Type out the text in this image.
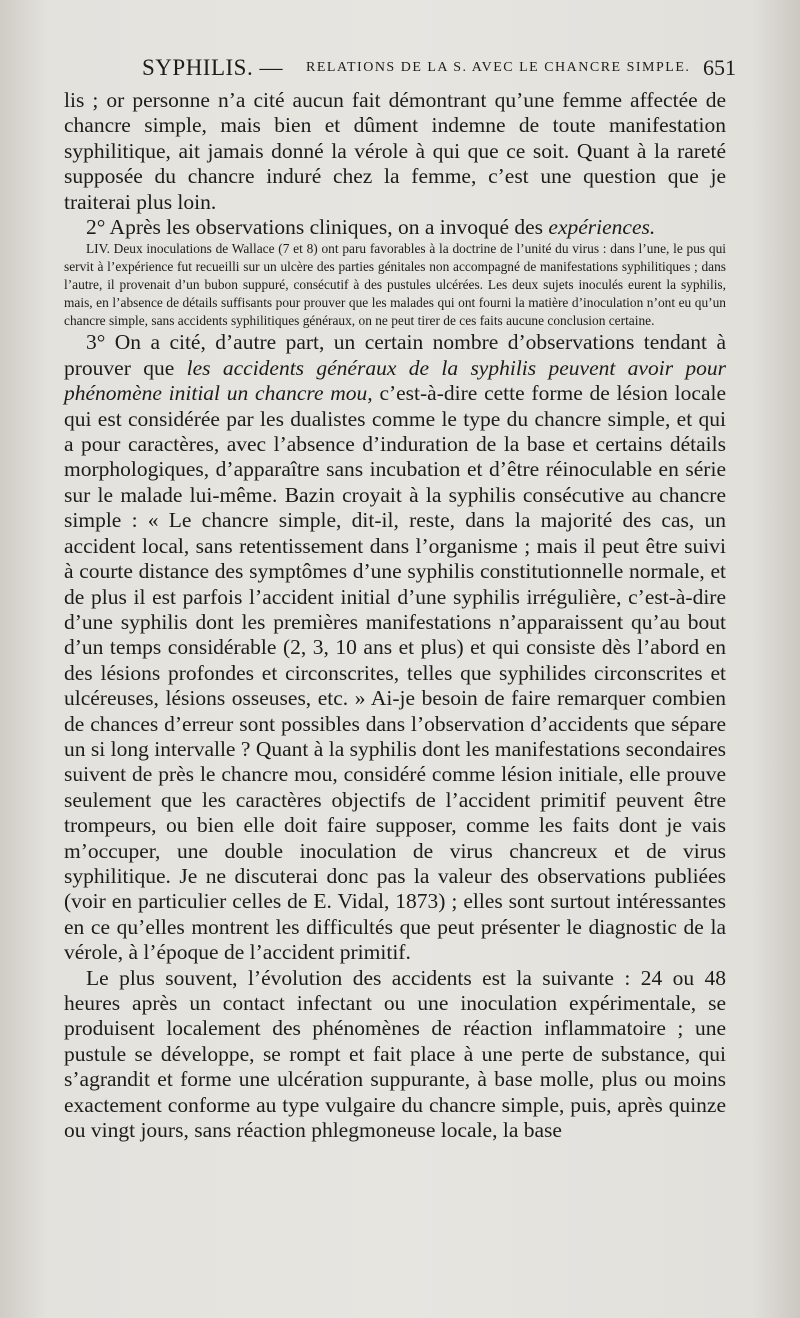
SYPHILIS. — RELATIONS DE LA S. AVEC LE CHANCRE SIMPLE. 651

lis ; or personne n’a cité aucun fait démontrant qu’une femme affectée de chancre simple, mais bien et dûment indemne de toute manifestation syphilitique, ait jamais donné la vérole à qui que ce soit. Quant à la rareté supposée du chancre induré chez la femme, c’est une question que je traiterai plus loin.

2° Après les observations cliniques, on a invoqué des expériences.

LIV. Deux inoculations de Wallace (7 et 8) ont paru favorables à la doctrine de l’unité du virus : dans l’une, le pus qui servit à l’expérience fut recueilli sur un ulcère des parties génitales non accompagné de manifestations syphilitiques ; dans l’autre, il provenait d’un bubon suppuré, consécutif à des pustules ulcérées. Les deux sujets inoculés eurent la syphilis, mais, en l’absence de détails suffisants pour prouver que les malades qui ont fourni la matière d’inoculation n’ont eu qu’un chancre simple, sans accidents syphilitiques généraux, on ne peut tirer de ces faits aucune conclusion certaine.

3° On a cité, d’autre part, un certain nombre d’observations tendant à prouver que les accidents généraux de la syphilis peuvent avoir pour phénomène initial un chancre mou, c’est-à-dire cette forme de lésion locale qui est considérée par les dualistes comme le type du chancre simple, et qui a pour caractères, avec l’absence d’induration de la base et certains détails morphologiques, d’apparaître sans incubation et d’être réinoculable en série sur le malade lui-même. Bazin croyait à la syphilis consécutive au chancre simple : « Le chancre simple, dit-il, reste, dans la majorité des cas, un accident local, sans retentissement dans l’organisme ; mais il peut être suivi à courte distance des symptômes d’une syphilis constitutionnelle normale, et de plus il est parfois l’accident initial d’une syphilis irrégulière, c’est-à-dire d’une syphilis dont les premières manifestations n’apparaissent qu’au bout d’un temps considérable (2, 3, 10 ans et plus) et qui consiste dès l’abord en des lésions profondes et circonscrites, telles que syphilides circonscrites et ulcéreuses, lésions osseuses, etc. » Ai-je besoin de faire remarquer combien de chances d’erreur sont possibles dans l’observation d’accidents que sépare un si long intervalle ? Quant à la syphilis dont les manifestations secondaires suivent de près le chancre mou, considéré comme lésion initiale, elle prouve seulement que les caractères objectifs de l’accident primitif peuvent être trompeurs, ou bien elle doit faire supposer, comme les faits dont je vais m’occuper, une double inoculation de virus chancreux et de virus syphilitique. Je ne discuterai donc pas la valeur des observations publiées (voir en particulier celles de E. Vidal, 1873) ; elles sont surtout intéressantes en ce qu’elles montrent les difficultés que peut présenter le diagnostic de la vérole, à l’époque de l’accident primitif.

Le plus souvent, l’évolution des accidents est la suivante : 24 ou 48 heures après un contact infectant ou une inoculation expérimentale, se produisent localement des phénomènes de réaction inflammatoire ; une pustule se développe, se rompt et fait place à une perte de substance, qui s’agrandit et forme une ulcération suppurante, à base molle, plus ou moins exactement conforme au type vulgaire du chancre simple, puis, après quinze ou vingt jours, sans réaction phlegmoneuse locale, la base
